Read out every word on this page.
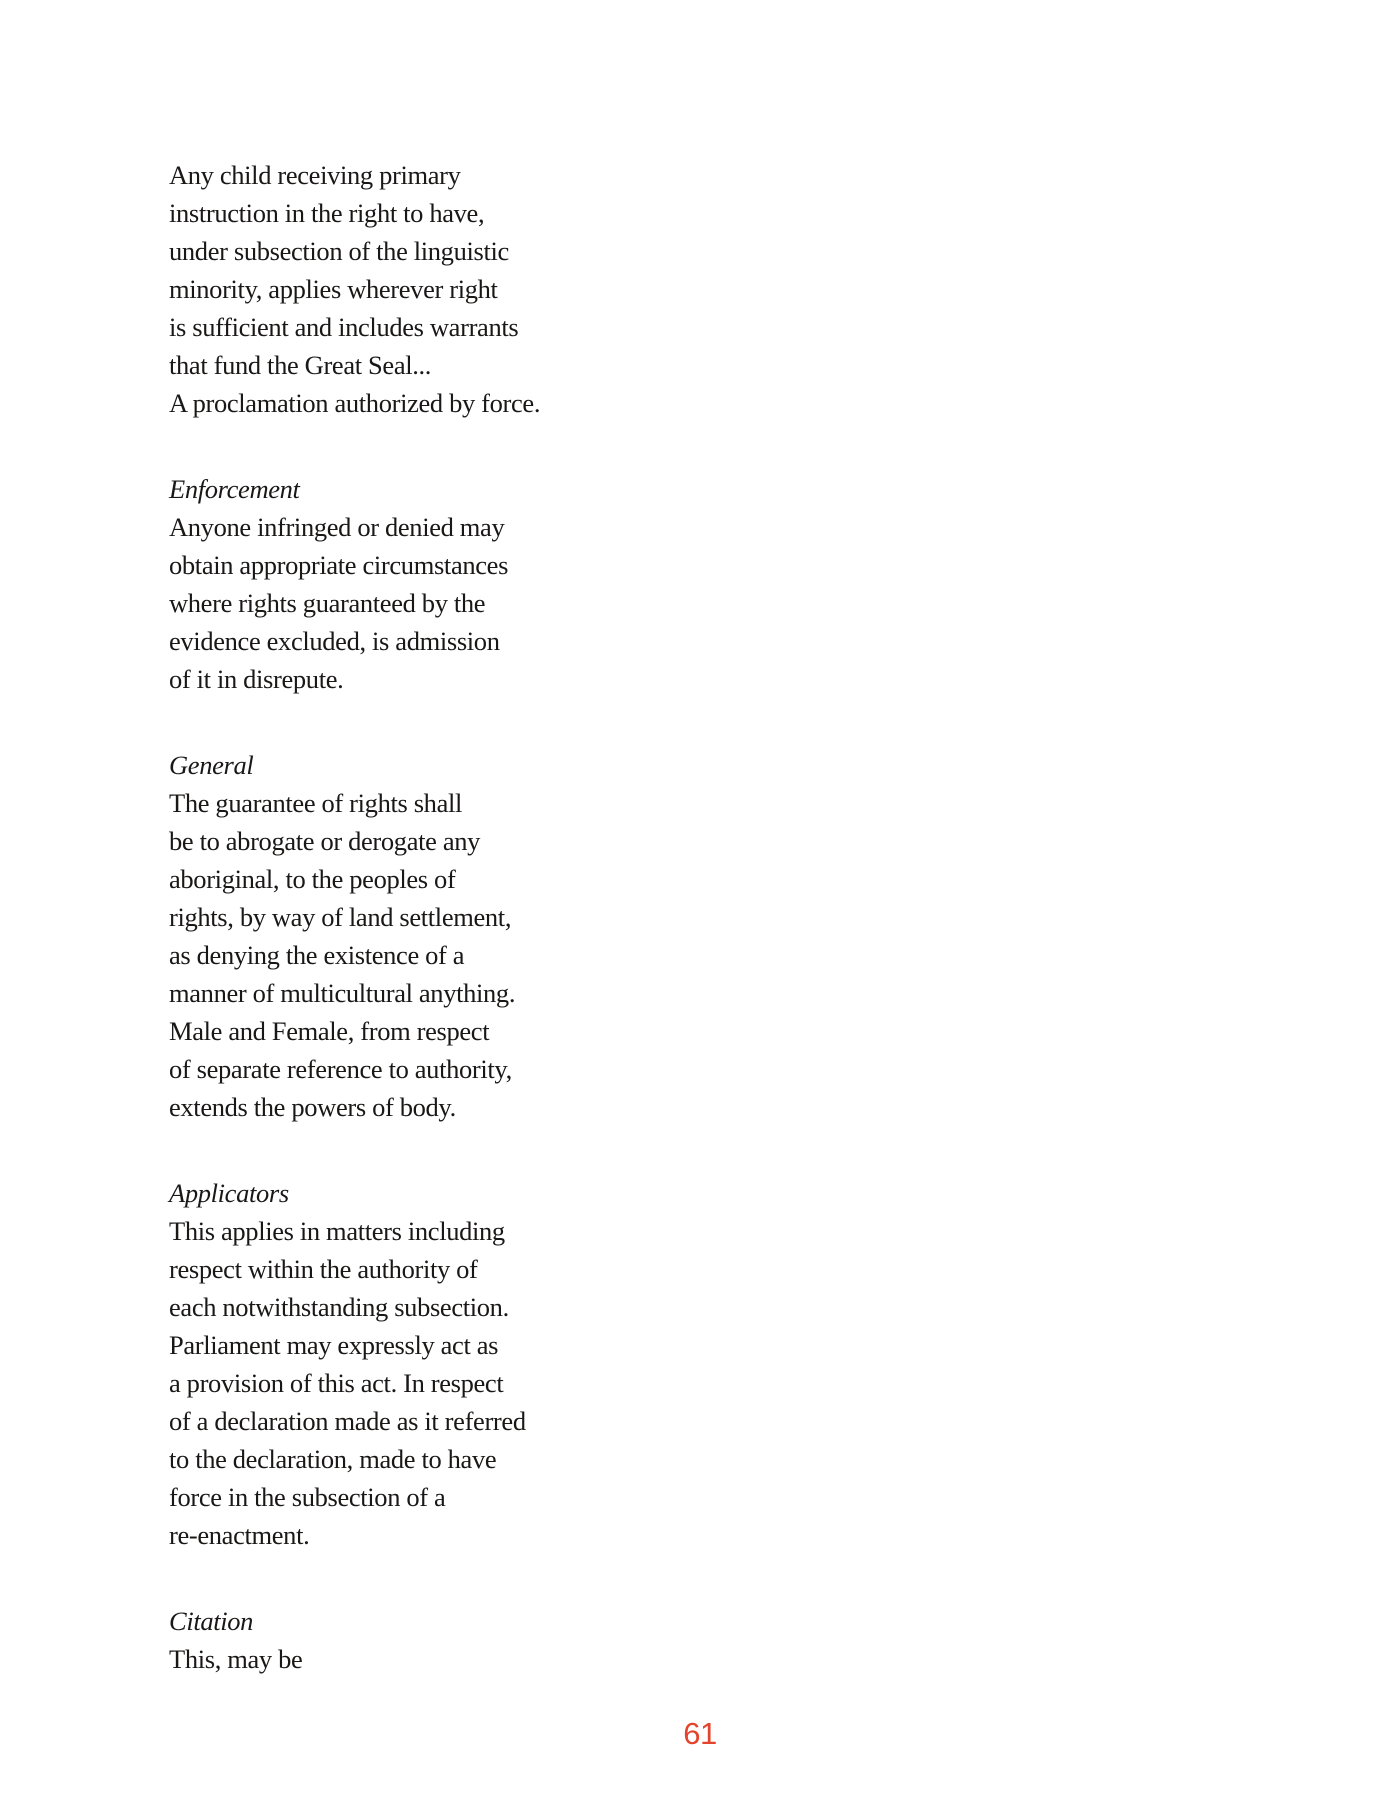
Any child receiving primary
instruction in the right to have,
under subsection of the linguistic
minority, applies wherever right
is sufficient and includes warrants
that fund the Great Seal...
A proclamation authorized by force.
Enforcement
Anyone infringed or denied may
obtain appropriate circumstances
where rights guaranteed by the
evidence excluded, is admission
of it in disrepute.
General
The guarantee of rights shall
be to abrogate or derogate any
aboriginal, to the peoples of
rights, by way of land settlement,
as denying the existence of a
manner of multicultural anything.
Male and Female, from respect
of separate reference to authority,
extends the powers of body.
Applicators
This applies in matters including
respect within the authority of
each notwithstanding subsection.
Parliament may expressly act as
a provision of this act. In respect
of a declaration made as it referred
to the declaration, made to have
force in the subsection of a
re-enactment.
Citation
This, may be
61
